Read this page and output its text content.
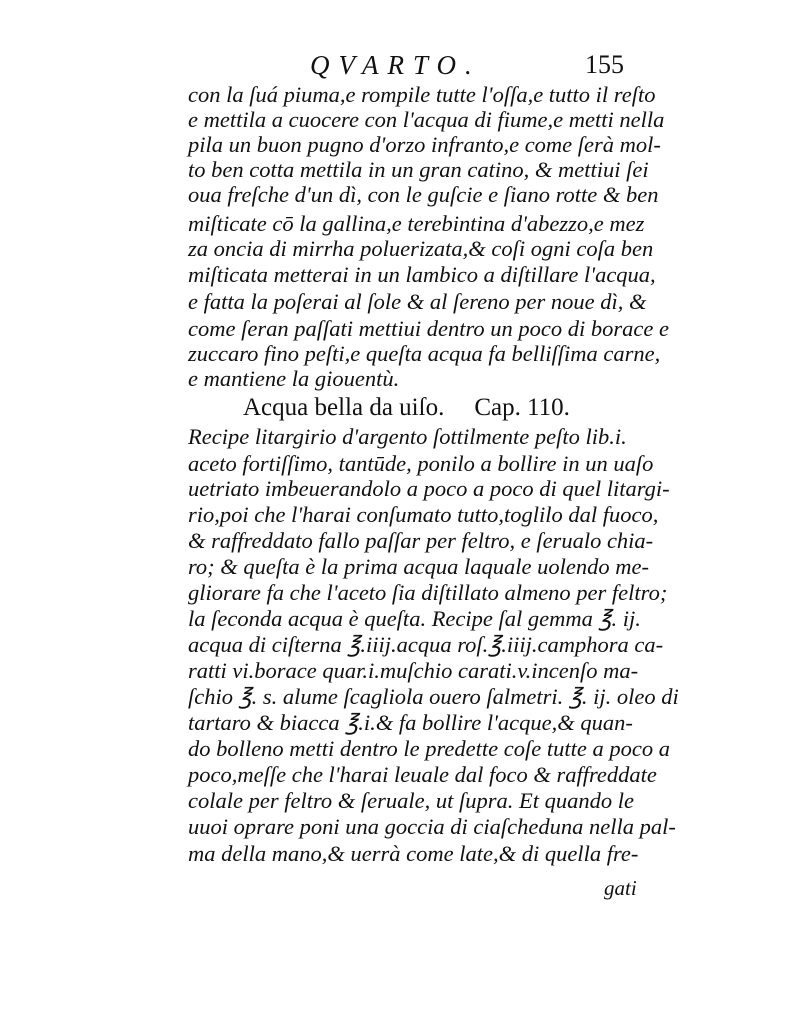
QVARTO.	155
con la ſuá piuma,e rompile tutte l'oſſa,e tutto il reſto
e mettila a cuocere con l'acqua di fiume,e metti nella
pila un buon pugno d'orzo infranto,e come ſerà mol-
to ben cotta mettila in un gran catino, & mettiui ſei
oua freſche d'un dì, con le guſcie e ſiano rotte & ben
miſticate cō la gallina,e terebintina d'abezzo,e mez
za oncia di mirrha poluerizata,& coſi ogni coſa ben
miſticata metterai in un lambico a diſtillare l'acqua,
e fatta la poſerai al ſole & al ſereno per noue dì, &
come ſeran paſſati mettiui dentro un poco di borace e
zuccaro fino peſti,e queſta acqua fa belliſſima carne,
e mantiene la giouentù.
Acqua bella da uiſo. Cap. 110.
Recipe litargirio d'argento ſottilmente peſto lib.i.
aceto fortiſſimo, tantūde, ponilo a bollire in un uaſo
uetriato imbeuerandolo a poco a poco di quel litargi-
rio,poi che l'harai conſumato tutto,toglilo dal fuoco,
& raffreddato fallo paſſar per feltro, e ſerualo chia-
ro; & queſta è la prima acqua laquale uolendo me-
gliorare fa che l'aceto ſia diſtillato almeno per feltro;
la ſeconda acqua è queſta. Recipe ſal gemma ℥. ij.
acqua di ciſterna ℥.iiij.acqua roſ.℥.iiij.camphora ca-
ratti vi.borace quar.i.muſchio carati.v.incenſo ma-
ſchio ℥. s. alume ſcagliola ouero ſalmetri. ℥. ij. oleo di
tartaro & biacca ℥.i.& fa bollire l'acque,& quan-
do bolleno metti dentro le predette coſe tutte a poco a
poco,meſſe che l'harai leuale dal foco & raffreddate
colale per feltro & ſeruale, ut ſupra. Et quando le
uuoi oprare poni una goccia di ciaſcheduna nella pal-
ma della mano,& uerrà come late,& di quella fre-
gati
